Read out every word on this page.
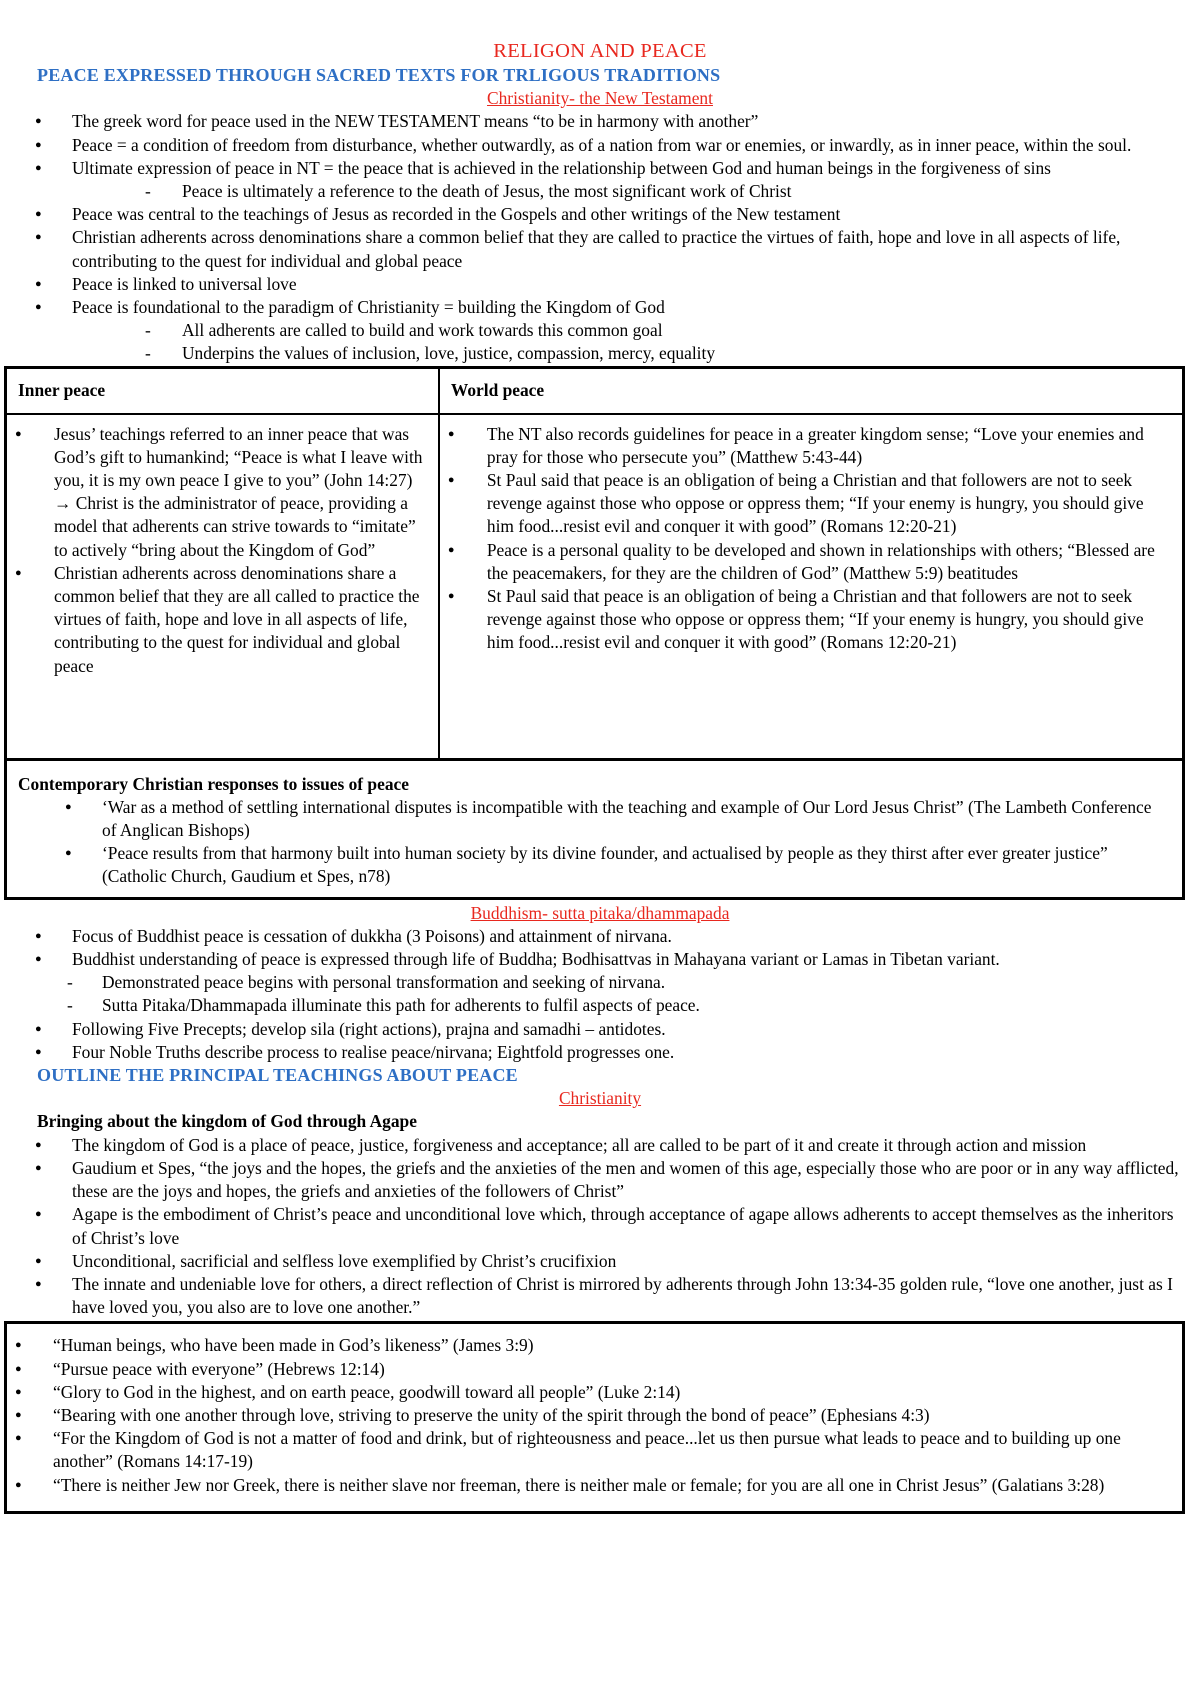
RELIGON AND PEACE
PEACE EXPRESSED THROUGH SACRED TEXTS FOR TRLIGOUS TRADITIONS
Christianity- the New Testament
● The greek word for peace used in the NEW TESTAMENT means “to be in harmony with another”
● Peace = a condition of freedom from disturbance, whether outwardly, as of a nation from war or enemies, or inwardly, as in inner peace, within the soul.
● Ultimate expression of peace in NT = the peace that is achieved in the relationship between God and human beings in the forgiveness of sins
- Peace is ultimately a reference to the death of Jesus, the most significant work of Christ
● Peace was central to the teachings of Jesus as recorded in the Gospels and other writings of the New testament
● Christian adherents across denominations share a common belief that they are called to practice the virtues of faith, hope and love in all aspects of life, contributing to the quest for individual and global peace
● Peace is linked to universal love
● Peace is foundational to the paradigm of Christianity = building the Kingdom of God
- All adherents are called to build and work towards this common goal
- Underpins the values of inclusion, love, justice, compassion, mercy, equality
Inner peace
● Jesus’ teachings referred to an inner peace that was God’s gift to humankind; “Peace is what I leave with you, it is my own peace I give to you” (John 14:27) → Christ is the administrator of peace, providing a model that adherents can strive towards to “imitate” to actively “bring about the Kingdom of God”
● Christian adherents across denominations share a common belief that they are all called to practice the virtues of faith, hope and love in all aspects of life, contributing to the quest for individual and global peace
World peace
● The NT also records guidelines for peace in a greater kingdom sense; “Love your enemies and pray for those who persecute you” (Matthew 5:43-44)
● St Paul said that peace is an obligation of being a Christian and that followers are not to seek revenge against those who oppose or oppress them; “If your enemy is hungry, you should give him food...resist evil and conquer it with good” (Romans 12:20-21)
● Peace is a personal quality to be developed and shown in relationships with others; “Blessed are the peacemakers, for they are the children of God” (Matthew 5:9) beatitudes
● St Paul said that peace is an obligation of being a Christian and that followers are not to seek revenge against those who oppose or oppress them; “If your enemy is hungry, you should give him food...resist evil and conquer it with good” (Romans 12:20-21)
Contemporary Christian responses to issues of peace
● ‘War as a method of settling international disputes is incompatible with the teaching and example of Our Lord Jesus Christ” (The Lambeth Conference of Anglican Bishops)
● ‘Peace results from that harmony built into human society by its divine founder, and actualised by people as they thirst after ever greater justice” (Catholic Church, Gaudium et Spes, n78)
Buddhism- sutta pitaka/dhammapada
● Focus of Buddhist peace is cessation of dukkha (3 Poisons) and attainment of nirvana.
● Buddhist understanding of peace is expressed through life of Buddha; Bodhisattvas in Mahayana variant or Lamas in Tibetan variant.
- Demonstrated peace begins with personal transformation and seeking of nirvana.
- Sutta Pitaka/Dhammapada illuminate this path for adherents to fulfil aspects of peace.
● Following Five Precepts; develop sila (right actions), prajna and samadhi – antidotes.
● Four Noble Truths describe process to realise peace/nirvana; Eightfold progresses one.
OUTLINE THE PRINCIPAL TEACHINGS ABOUT PEACE
Christianity
Bringing about the kingdom of God through Agape
● The kingdom of God is a place of peace, justice, forgiveness and acceptance; all are called to be part of it and create it through action and mission
● Gaudium et Spes, “the joys and the hopes, the griefs and the anxieties of the men and women of this age, especially those who are poor or in any way afflicted, these are the joys and hopes, the griefs and anxieties of the followers of Christ”
● Agape is the embodiment of Christ’s peace and unconditional love which, through acceptance of agape allows adherents to accept themselves as the inheritors of Christ’s love
● Unconditional, sacrificial and selfless love exemplified by Christ’s crucifixion
● The innate and undeniable love for others, a direct reflection of Christ is mirrored by adherents through John 13:34-35 golden rule, “love one another, just as I have loved you, you also are to love one another.”
● “Human beings, who have been made in God’s likeness” (James 3:9)
● “Pursue peace with everyone” (Hebrews 12:14)
● “Glory to God in the highest, and on earth peace, goodwill toward all people” (Luke 2:14)
● “Bearing with one another through love, striving to preserve the unity of the spirit through the bond of peace” (Ephesians 4:3)
● “For the Kingdom of God is not a matter of food and drink, but of righteousness and peace...let us then pursue what leads to peace and to building up one another” (Romans 14:17-19)
● “There is neither Jew nor Greek, there is neither slave nor freeman, there is neither male or female; for you are all one in Christ Jesus” (Galatians 3:28)
